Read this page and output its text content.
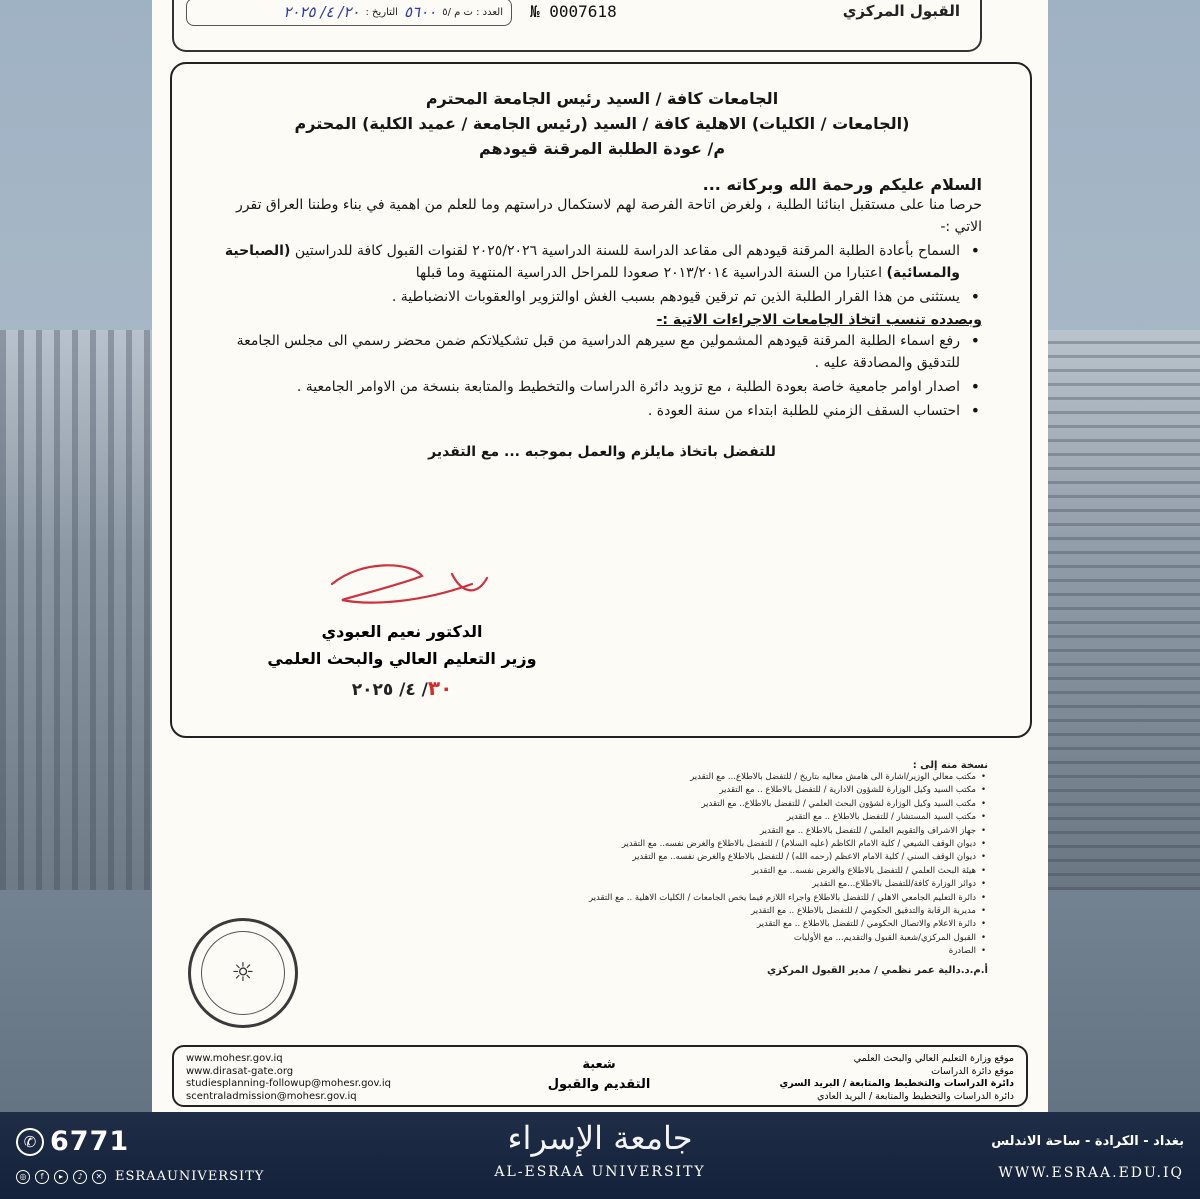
القبول المركزي
№ 0007618
العدد : ت م /٥
٥٦٠٠
التاريخ :
٢٠/ ٤/ ٢٠٢٥
الجامعات كافة / السيد رئيس الجامعة المحترم
(الجامعات / الكليات) الاهلية كافة / السيد (رئيس الجامعة / عميد الكلية) المحترم
م/ عودة الطلبة المرقنة قيودهم
السلام عليكم ورحمة الله وبركاته ...
حرصا منا على مستقبل ابنائنا الطلبة ، ولغرض اتاحة الفرصة لهم لاستكمال دراستهم وما للعلم من اهمية في بناء وطننا العراق تقرر الاتي :-
• السماح بأعادة الطلبة المرقنة قيودهم الى مقاعد الدراسة للسنة الدراسية ٢٠٢٥/٢٠٢٦ لقنوات القبول كافة للدراستين (الصباحية والمسائية) اعتبارا من السنة الدراسية ٢٠١٣/٢٠١٤ صعودا للمراحل الدراسية المنتهية وما قبلها
• يستثنى من هذا القرار الطلبة الذين تم ترقين قيودهم بسبب الغش اوالتزوير اوالعقوبات الانضباطية .
وبصدده تنسب اتخاذ الجامعات الاجراءات الاتية :-
• رفع اسماء الطلبة المرقنة قيودهم المشمولين مع سيرهم الدراسية من قبل تشكيلاتكم ضمن محضر رسمي الى مجلس الجامعة للتدقيق والمصادقة عليه .
• اصدار اوامر جامعية خاصة بعودة الطلبة ، مع تزويد دائرة الدراسات والتخطيط والمتابعة بنسخة من الاوامر الجامعية .
• احتساب السقف الزمني للطلبة ابتداء من سنة العودة .
للتفضل باتخاذ مايلزم والعمل بموجبه ... مع التقدير
الدكتور نعيم العبودي
وزير التعليم العالي والبحث العلمي
٣٠/ ٤/ ٢٠٢٥
نسخة منه إلى :
• مكتب معالي الوزير/اشارة الى هامش معاليه بتاريخ / للتفضل بالاطلاع... مع التقدير
• مكتب السيد وكيل الوزارة للشؤون الادارية / للتفضل بالاطلاع .. مع التقدير
• مكتب السيد وكيل الوزارة لشؤون البحث العلمي / للتفضل بالاطلاع.. مع التقدير
• مكتب السيد المستشار / للتفضل بالاطلاع .. مع التقدير
• جهاز الاشراف والتقويم العلمي / للتفضل بالاطلاع .. مع التقدير
• ديوان الوقف الشيعي / كلية الامام الكاظم (عليه السلام) / للتفضل بالاطلاع والغرض نفسه.. مع التقدير
• ديوان الوقف السني / كلية الامام الاعظم (رحمه الله) / للتفضل بالاطلاع والغرض نفسه.. مع التقدير
• هيئة البحث العلمي / للتفضل بالاطلاع والغرض نفسه.. مع التقدير
• دوائر الوزارة كافة/للتفضل بالاطلاع...مع التقدير
• دائرة التعليم الجامعي الاهلي / للتفضل بالاطلاع واجراء اللازم فيما يخص الجامعات / الكليات الاهلية .. مع التقدير
• مديرية الرقابة والتدقيق الحكومي / للتفضل بالاطلاع .. مع التقدير
• دائرة الاعلام والاتصال الحكومي / للتفضل بالاطلاع .. مع التقدير
• القبول المركزي/شعبة القبول والتقديم... مع الأوليات
• الصادرة
أ.م.د.دالية عمر نظمي / مدير القبول المركزي
☼
www.mohesr.gov.iq
www.dirasat-gate.org
studiesplanning-followup@mohesr.gov.iq
scentraladmission@mohesr.gov.iq
شعبة
التقديم والقبول
موقع وزارة التعليم العالي والبحث العلمي
موقع دائرة الدراسات
دائرة الدراسات والتخطيط والمتابعة / البريد السري
دائرة الدراسات والتخطيط والمتابعة / البريد العادي
✆ 6771
◎	f	▸	♪	✕ ESRAAUNIVERSITY
جامعة الإسراء
AL-ESRAA UNIVERSITY
بغداد - الكرادة - ساحة الاندلس
WWW.ESRAA.EDU.IQ
